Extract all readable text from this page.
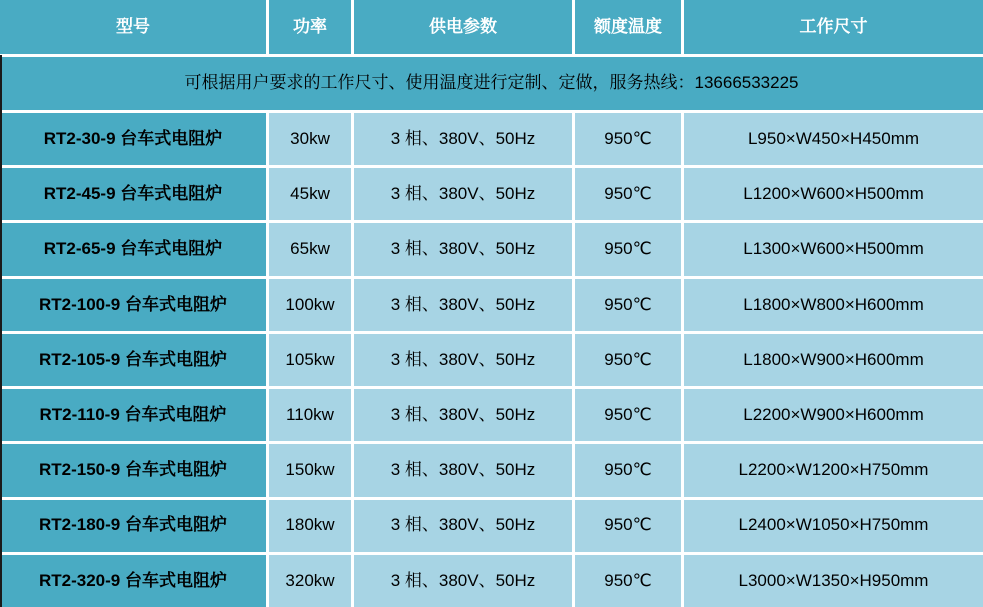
型号	功率	供电参数	额度温度	工作尺寸
可根据用户要求的工作尺寸、使用温度进行定制、定做，服务热线：13666533225
RT2-30-9 台车式电阻炉	30kw	3 相、380V、50Hz	950℃	L950×W450×H450mm
RT2-45-9 台车式电阻炉	45kw	3 相、380V、50Hz	950℃	L1200×W600×H500mm
RT2-65-9 台车式电阻炉	65kw	3 相、380V、50Hz	950℃	L1300×W600×H500mm
RT2-100-9 台车式电阻炉	100kw	3 相、380V、50Hz	950℃	L1800×W800×H600mm
RT2-105-9 台车式电阻炉	105kw	3 相、380V、50Hz	950℃	L1800×W900×H600mm
RT2-110-9 台车式电阻炉	110kw	3 相、380V、50Hz	950℃	L2200×W900×H600mm
RT2-150-9 台车式电阻炉	150kw	3 相、380V、50Hz	950℃	L2200×W1200×H750mm
RT2-180-9 台车式电阻炉	180kw	3 相、380V、50Hz	950℃	L2400×W1050×H750mm
RT2-320-9 台车式电阻炉	320kw	3 相、380V、50Hz	950℃	L3000×W1350×H950mm
